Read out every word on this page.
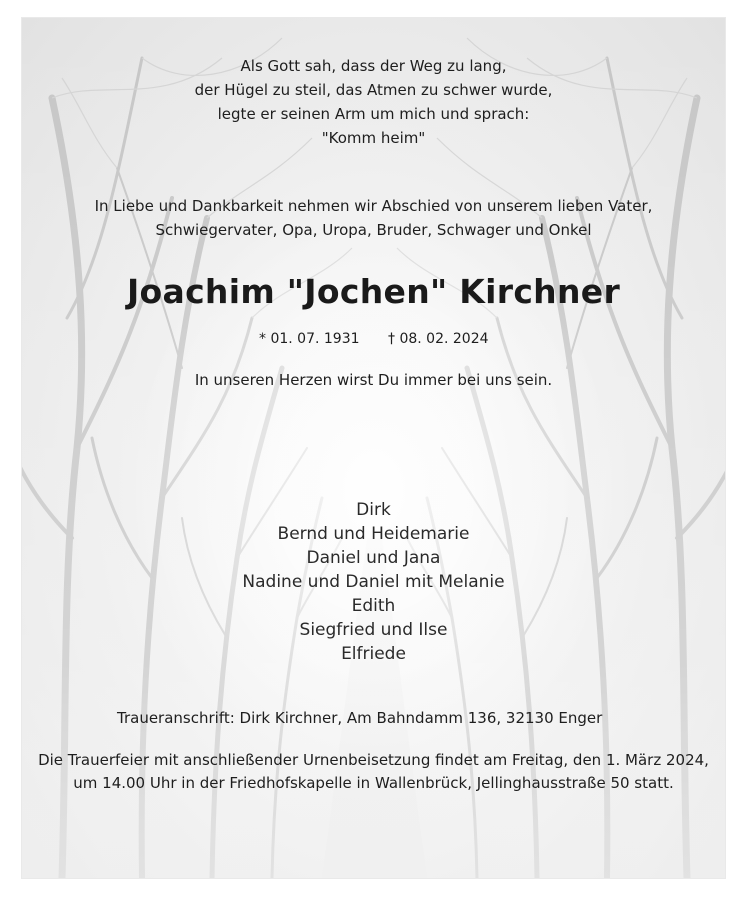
Als Gott sah, dass der Weg zu lang,
der Hügel zu steil, das Atmen zu schwer wurde,
legte er seinen Arm um mich und sprach:
"Komm heim"
In Liebe und Dankbarkeit nehmen wir Abschied von unserem lieben Vater,
Schwiegervater, Opa, Uropa, Bruder, Schwager und Onkel
Joachim "Jochen" Kirchner
* 01. 07. 1931 † 08. 02. 2024
In unseren Herzen wirst Du immer bei uns sein.
Dirk
Bernd und Heidemarie
Daniel und Jana
Nadine und Daniel mit Melanie
Edith
Siegfried und Ilse
Elfriede
Traueranschrift: Dirk Kirchner, Am Bahndamm 136, 32130 Enger
Die Trauerfeier mit anschließender Urnenbeisetzung findet am Freitag, den 1. März 2024,
um 14.00 Uhr in der Friedhofskapelle in Wallenbrück, Jellinghausstraße 50 statt.
